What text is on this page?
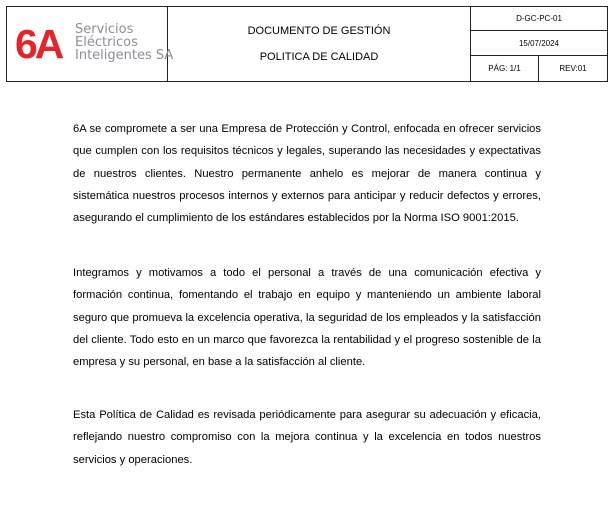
6A Servicios
Eléctricos
Inteligentes SA
DOCUMENTO DE GESTIÓN
POLITICA DE CALIDAD
D-GC-PC-01
15/07/2024
PÁG: 1/1	REV:01

6A se compromete a ser una Empresa de Protección y Control, enfocada en ofrecer servicios que cumplen con los requisitos técnicos y legales, superando las necesidades y expectativas de nuestros clientes. Nuestro permanente anhelo es mejorar de manera continua y sistemática nuestros procesos internos y externos para anticipar y reducir defectos y errores, asegurando el cumplimiento de los estándares establecidos por la Norma ISO 9001:2015.

Integramos y motivamos a todo el personal a través de una comunicación efectiva y formación continua, fomentando el trabajo en equipo y manteniendo un ambiente laboral seguro que promueva la excelencia operativa, la seguridad de los empleados y la satisfacción del cliente. Todo esto en un marco que favorezca la rentabilidad y el progreso sostenible de la empresa y su personal, en base a la satisfacción al cliente.

Esta Política de Calidad es revisada periódicamente para asegurar su adecuación y eficacia, reflejando nuestro compromiso con la mejora continua y la excelencia en todos nuestros servicios y operaciones.
